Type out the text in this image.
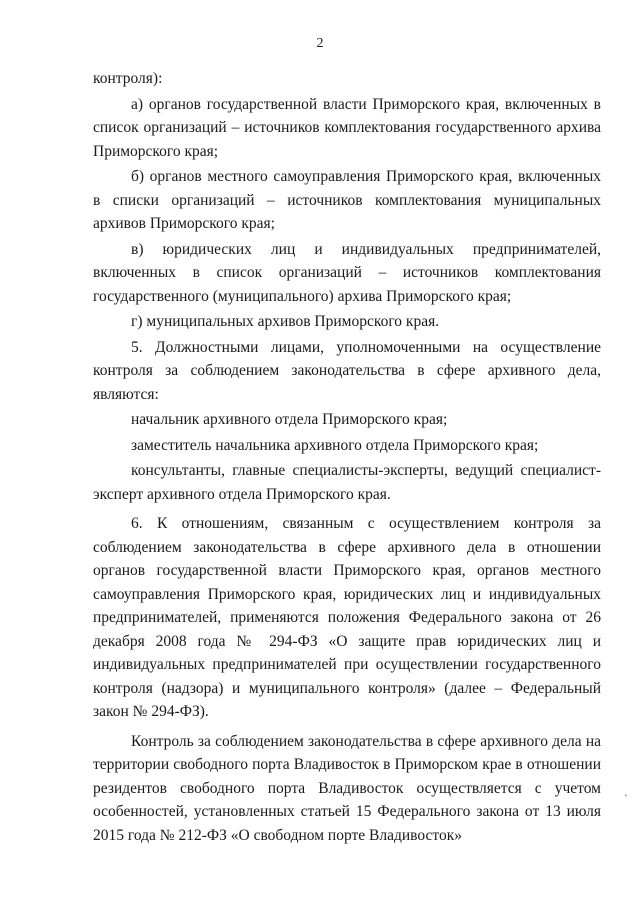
2

контроля):

а) органов государственной власти Приморского края, включенных в список организаций – источников комплектования государственного архива Приморского края;

б) органов местного самоуправления Приморского края, включенных в списки организаций – источников комплектования муниципальных архивов Приморского края;

в) юридических лиц и индивидуальных предпринимателей, включенных в список организаций – источников комплектования государственного (муниципального) архива Приморского края;

г) муниципальных архивов Приморского края.

5. Должностными лицами, уполномоченными на осуществление контроля за соблюдением законодательства в сфере архивного дела, являются:

начальник архивного отдела Приморского края;

заместитель начальника архивного отдела Приморского края;

консультанты, главные специалисты-эксперты, ведущий специалист-эксперт архивного отдела Приморского края.

6. К отношениям, связанным с осуществлением контроля за соблюдением законодательства в сфере архивного дела в отношении органов государственной власти Приморского края, органов местного самоуправления Приморского края, юридических лиц и индивидуальных предпринимателей, применяются положения Федерального закона от 26 декабря 2008 года № 294-ФЗ «О защите прав юридических лиц и индивидуальных предпринимателей при осуществлении государственного контроля (надзора) и муниципального контроля» (далее – Федеральный закон № 294-ФЗ).

Контроль за соблюдением законодательства в сфере архивного дела на территории свободного порта Владивосток в Приморском крае в отношении резидентов свободного порта Владивосток осуществляется с учетом особенностей, установленных статьей 15 Федерального закона от 13 июля 2015 года № 212-ФЗ «О свободном порте Владивосток»

`
